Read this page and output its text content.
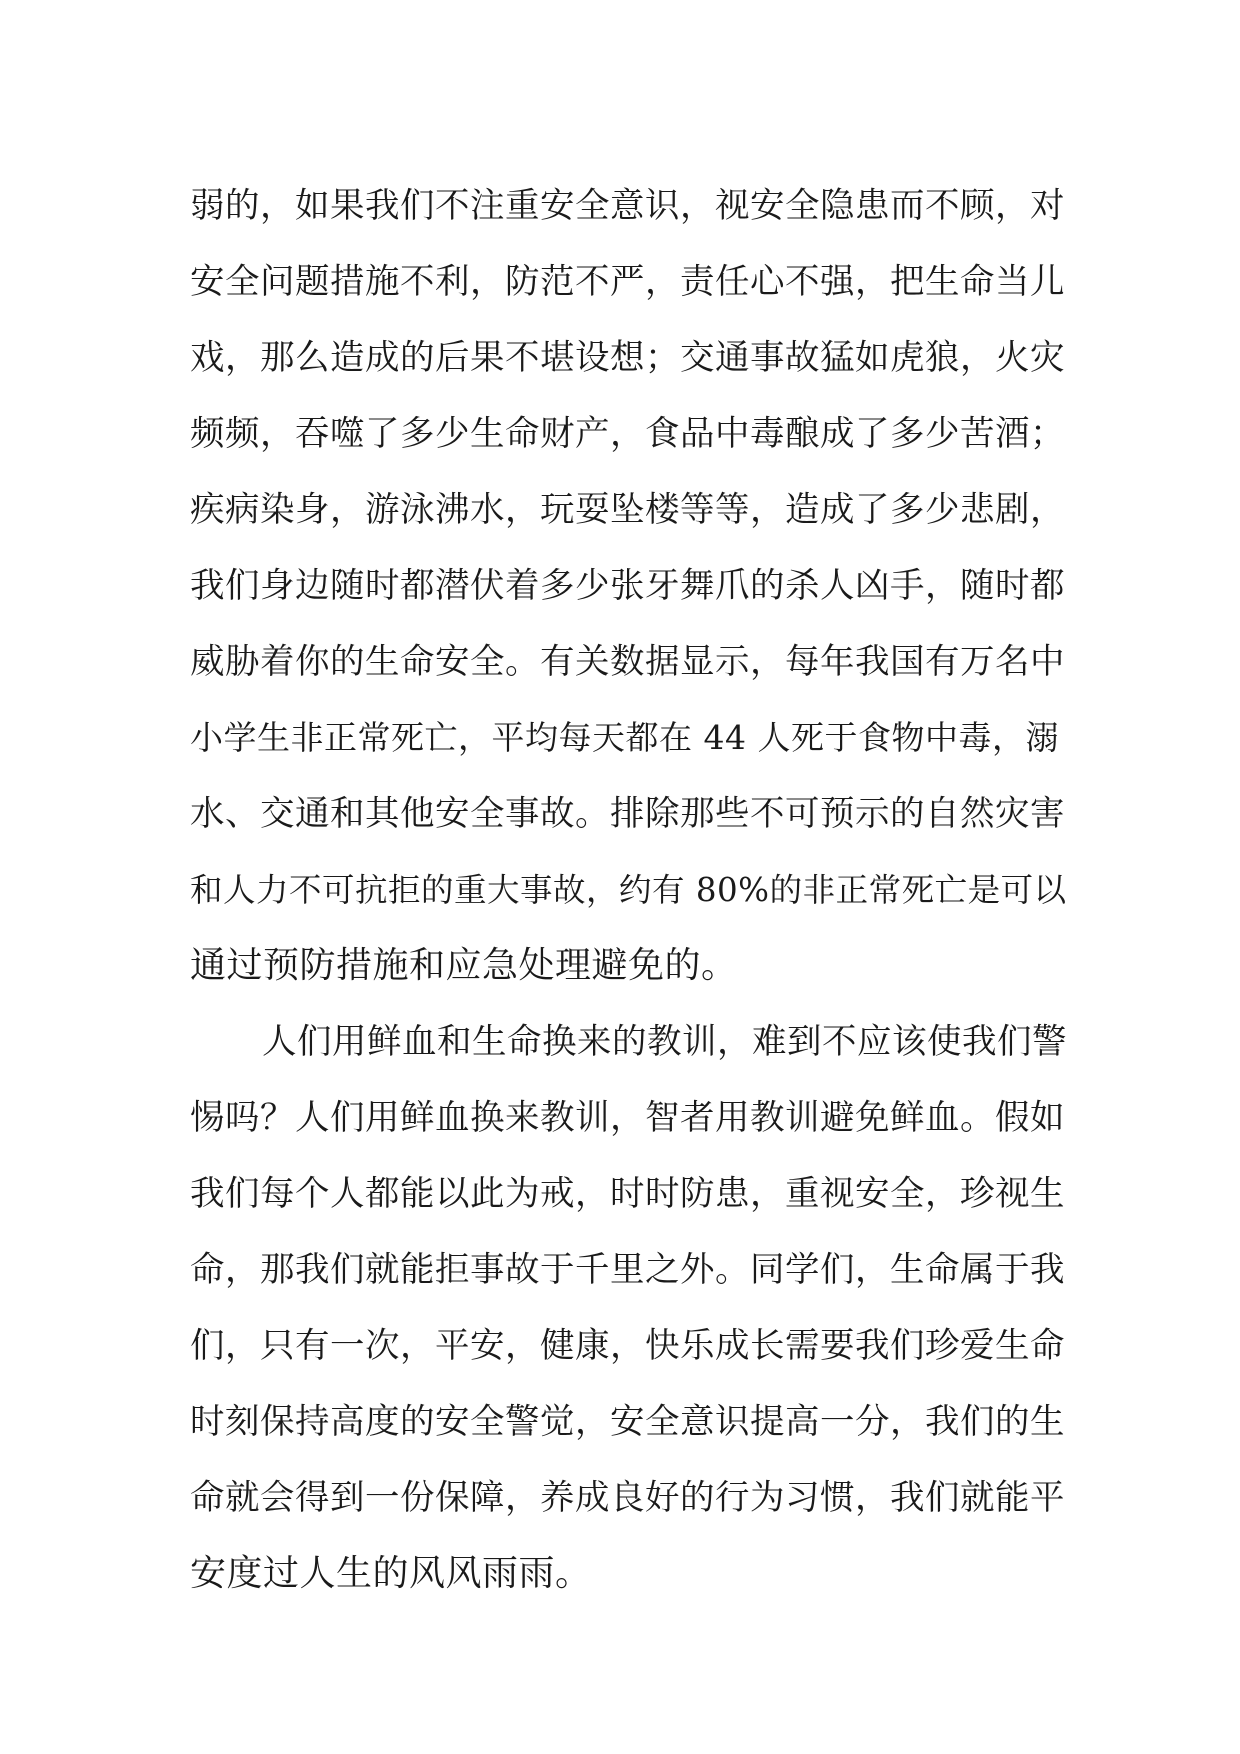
弱的，如果我们不注重安全意识，视安全隐患而不顾，对
安全问题措施不利，防范不严，责任心不强，把生命当儿
戏，那么造成的后果不堪设想；交通事故猛如虎狼，火灾
频频，吞噬了多少生命财产，食品中毒酿成了多少苦酒；
疾病染身，游泳沸水，玩耍坠楼等等，造成了多少悲剧，
我们身边随时都潜伏着多少张牙舞爪的杀人凶手，随时都
威胁着你的生命安全。有关数据显示，每年我国有万名中
小学生非正常死亡，平均每天都在 44 人死于食物中毒，溺
水、交通和其他安全事故。排除那些不可预示的自然灾害
和人力不可抗拒的重大事故，约有 80%的非正常死亡是可以
通过预防措施和应急处理避免的。
人们用鲜血和生命换来的教训，难到不应该使我们警
惕吗？人们用鲜血换来教训，智者用教训避免鲜血。假如
我们每个人都能以此为戒，时时防患，重视安全，珍视生
命，那我们就能拒事故于千里之外。同学们，生命属于我
们，只有一次，平安，健康，快乐成长需要我们珍爱生命
时刻保持高度的安全警觉，安全意识提高一分，我们的生
命就会得到一份保障，养成良好的行为习惯，我们就能平
安度过人生的风风雨雨。
